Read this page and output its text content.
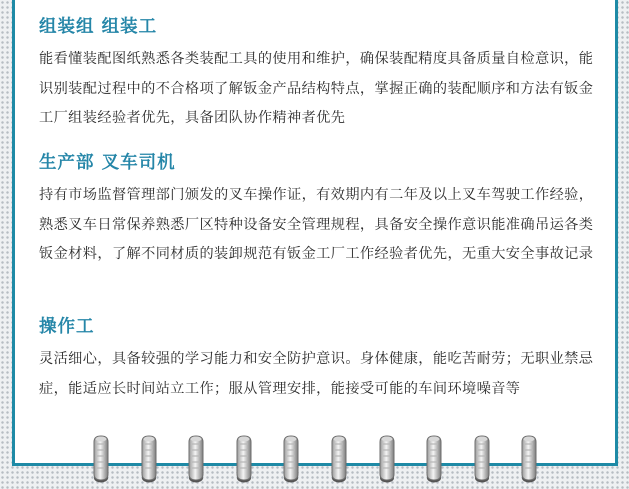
组装组 组装工

能看懂装配图纸熟悉各类装配工具的使用和维护，确保装配精度具备质量自检意识，能识别装配过程中的不合格项了解钣金产品结构特点，掌握正确的装配顺序和方法有钣金工厂组装经验者优先，具备团队协作精神者优先

生产部 叉车司机

持有市场监督管理部门颁发的叉车操作证，有效期内有二年及以上叉车驾驶工作经验，熟悉叉车日常保养熟悉厂区特种设备安全管理规程，具备安全操作意识能准确吊运各类钣金材料，了解不同材质的装卸规范有钣金工厂工作经验者优先，无重大安全事故记录

操作工

灵活细心，具备较强的学习能力和安全防护意识。身体健康，能吃苦耐劳；无职业禁忌症，能适应长时间站立工作；服从管理安排，能接受可能的车间环境噪音等
